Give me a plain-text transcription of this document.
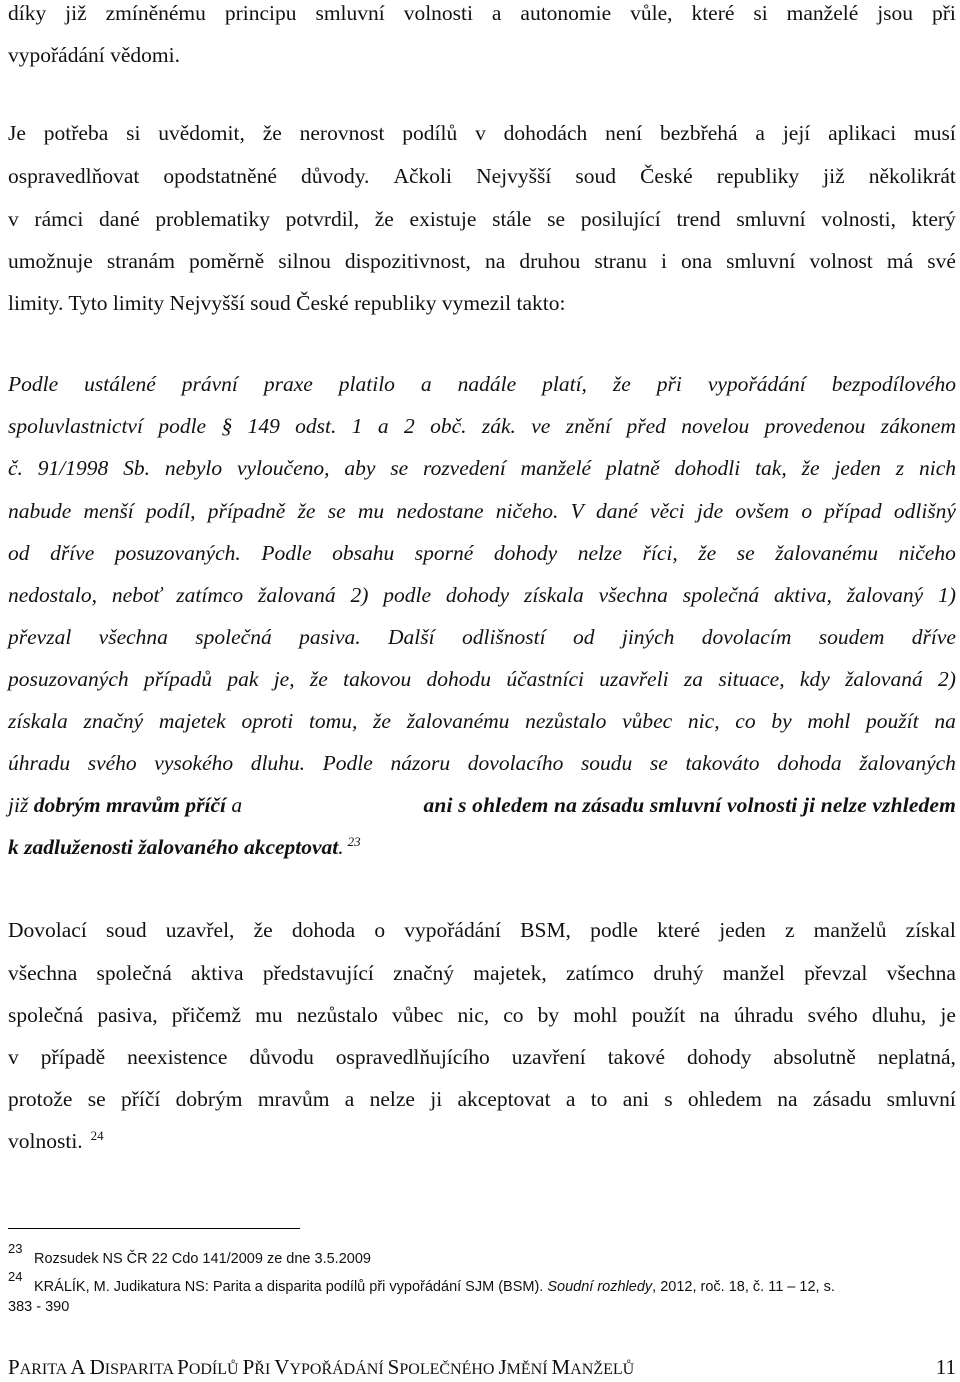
díky již zmíněnému principu smluvní volnosti a autonomie vůle, které si manželé jsou při
vypořádání vědomi.
Je potřeba si uvědomit, že nerovnost podílů v dohodách není bezbřehá a její aplikaci musí
ospravedlňovat opodstatněné důvody. Ačkoli Nejvyšší soud České republiky již několikrát
v rámci dané problematiky potvrdil, že existuje stále se posilující trend smluvní volnosti, který
umožnuje stranám poměrně silnou dispozitivnost, na druhou stranu i ona smluvní volnost má své
limity. Tyto limity Nejvyšší soud České republiky vymezil takto:
Podle ustálené právní praxe platilo a nadále platí, že při vypořádání bezpodílového
spoluvlastnictví podle § 149 odst. 1 a 2 obč. zák. ve znění před novelou provedenou zákonem
č. 91/1998 Sb. nebylo vyloučeno, aby se rozvedení manželé platně dohodli tak, že jeden z nich
nabude menší podíl, případně že se mu nedostane ničeho. V dané věci jde ovšem o případ odlišný
od dříve posuzovaných. Podle obsahu sporné dohody nelze říci, že se žalovanému ničeho
nedostalo, neboť zatímco žalovaná 2) podle dohody získala všechna společná aktiva, žalovaný 1)
převzal všechna společná pasiva. Další odlišností od jiných dovolacím soudem dříve
posuzovaných případů pak je, že takovou dohodu účastníci uzavřeli za situace, kdy žalovaná 2)
získala značný majetek oproti tomu, že žalovanému nezůstalo vůbec nic, co by mohl použít na
úhradu svého vysokého dluhu. Podle názoru dovolacího soudu se takováto dohoda žalovaných
již dobrým mravům příčí a	ani s ohledem na zásadu smluvní volnosti ji nelze vzhledem
k zadluženosti žalovaného akceptovat. $^{23}$
Dovolací soud uzavřel, že dohoda o vypořádání BSM, podle které jeden z manželů získal
všechna společná aktiva představující značný majetek, zatímco druhý manžel převzal všechna
společná pasiva, přičemž mu nezůstalo vůbec nic, co by mohl použít na úhradu svého dluhu, je
v případě neexistence důvodu ospravedlňujícího uzavření takové dohody absolutně neplatná,
protože se příčí dobrým mravům a nelze ji akceptovat a to ani s ohledem na zásadu smluvní
volnosti. $^{24}$
23
Rozsudek NS ČR 22 Cdo 141/2009 ze dne 3.5.2009
24
KRÁLÍK, M. Judikatura NS: Parita a disparita podílů při vypořádání SJM (BSM). Soudní rozhledy, 2012, roč. 18, č. 11 – 12, s.
383 - 390
PARITA A DISPARITA PODÍLŮ PŘI VYPOŘÁDÁNÍ SPOLEČNÉHO JMĚNÍ MANŽELŮ	11
